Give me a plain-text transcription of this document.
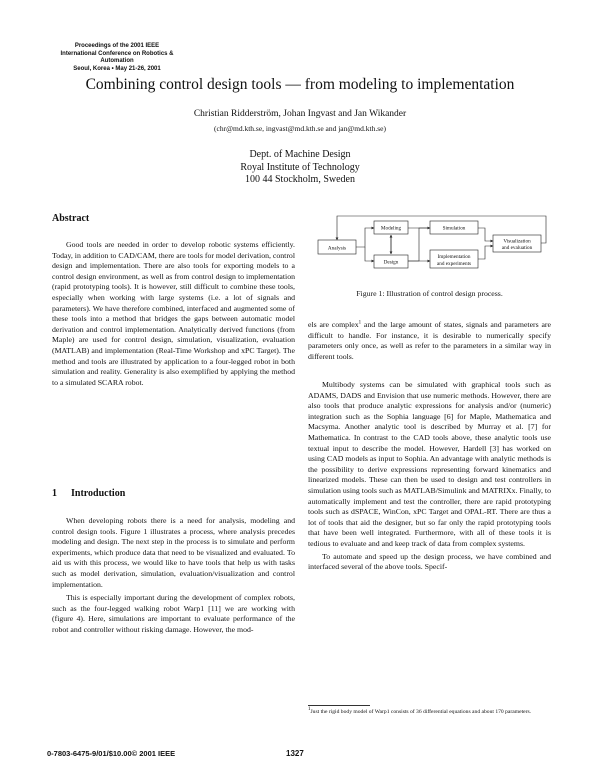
Proceedings of the 2001 IEEE
International Conference on Robotics & Automation
Seoul, Korea • May 21-26, 2001
Combining control design tools — from modeling to implementation
Christian Ridderström, Johan Ingvast and Jan Wikander
(chr@md.kth.se, ingvast@md.kth.se and jan@md.kth.se)
Dept. of Machine Design
Royal Institute of Technology
100 44 Stockholm, Sweden
Abstract

Good tools are needed in order to develop robotic systems efficiently. Today, in addition to CAD/CAM, there are tools for model derivation, control design and implementation. There are also tools for exporting models to a control design environment, as well as from control design to implementation (rapid prototyping tools). It is however, still difficult to combine these tools, especially when working with large systems (i.e. a lot of signals and parameters). We have therefore combined, interfaced and augmented some of these tools into a method that bridges the gaps between automatic model derivation and control implementation. Analytically derived functions (from Maple) are used for control design, simulation, visualization, evaluation (MATLAB) and implementation (Real-Time Workshop and xPC Target). The method and tools are illustrated by application to a four-legged robot in both simulation and reality. Generality is also exemplified by applying the method to a simulated SCARA robot.

1 Introduction

When developing robots there is a need for analysis, modeling and control design tools. Figure 1 illustrates a process, where analysis precedes modeling and design. The next step in the process is to simulate and perform experiments, which produce data that need to be visualized and evaluated. To aid us with this process, we would like to have tools that help us with tasks such as model derivation, simulation, evaluation/visualization and control implementation.

This is especially important during the development of complex robots, such as the four-legged walking robot Warp1 [11] we are working with (figure 4). Here, simulations are important to evaluate performance of the robot and controller without risking damage. However, the mod-

Analysis
Modeling
Design
Simulation
Implementation
and experiments
Visualization
and evaluation
Figure 1: Illustration of control design process.

els are complex$^1$ and the large amount of states, signals and parameters are difficult to handle. For instance, it is desirable to numerically specify parameters only once, as well as refer to the parameters in a similar way in different tools.

Multibody systems can be simulated with graphical tools such as ADAMS, DADS and Envision that use numeric methods. However, there are also tools that produce analytic expressions for analysis and/or (numeric) integration such as the Sophia language [6] for Maple, Mathematica and Macsyma. Another analytic tool is described by Murray et al. [7] for Mathematica. In contrast to the CAD tools above, these analytic tools use textual input to describe the model. However, Hardell [3] has worked on using CAD models as input to Sophia. An advantage with analytic methods is the possibility to derive expressions representing forward kinematics and linearized models. These can then be used to design and test controllers in simulation using tools such as MATLAB/Simulink and MATRIXx. Finally, to automatically implement and test the controller, there are rapid prototyping tools such as dSPACE, WinCon, xPC Target and OPAL-RT. There are thus a lot of tools that aid the designer, but so far only the rapid prototyping tools that have been well integrated. Furthermore, with all of these tools it is tedious to evaluate and and keep track of data from complex systems.

To automate and speed up the design process, we have combined and interfaced several of the above tools. Specif-

$^1$Just the rigid body model of Warp1 consists of 36 differential equations and about 170 parameters.
0-7803-6475-9/01/$10.00© 2001 IEEE	1327
